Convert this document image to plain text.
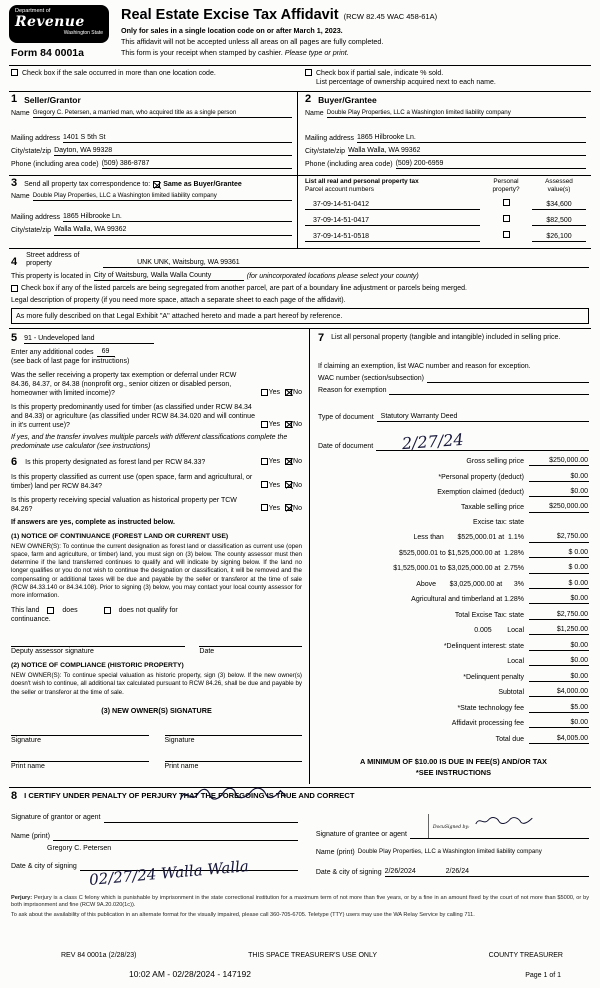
Department of
Revenue
Washington State
Form 84 0001a
Real Estate Excise Tax Affidavit (RCW 82.45 WAC 458-61A)
Only for sales in a single location code on or after March 1, 2023.
This affidavit will not be accepted unless all areas on all pages are fully completed.
This form is your receipt when stamped by cashier. Please type or print.
Check box if the sale occurred in more than one location code.	Check box if partial sale, indicate % sold.
List percentage of ownership acquired next to each name.
1 Seller/Grantor
Name Gregory C. Petersen, a married man, who acquired title as a single person
Mailing address 1401 S 5th St
City/state/zip Dayton, WA 99328
Phone (including area code) (509) 386-8787
2 Buyer/Grantee
Name Double Play Properties, LLC a Washington limited liability company
Mailing address 1865 Hilbrooke Ln.
City/state/zip Walla Walla, WA 99362
Phone (including area code) (509) 200-6959
3 Send all property tax correspondence to: Same as Buyer/Grantee
Name Double Play Properties, LLC a Washington limited liability company
Mailing address 1865 Hilbrooke Ln.
City/state/zip Walla Walla, WA 99362
List all real and personal property tax
Parcel account numbers
Personal
property?
Assessed
value(s)
37-09-14-51-0412	$34,600
37-09-14-51-0417	$82,500
37-09-14-51-0518	$26,100
4
Street address of
property	UNK UNK, Waitsburg, WA 99361
This property is located in City of Waitsburg, Walla Walla County	(for unincorporated locations please select your county)
Check box if any of the listed parcels are being segregated from another parcel, are part of a boundary line adjustment or parcels being merged.
Legal description of property (if you need more space, attach a separate sheet to each page of the affidavit).
As more fully described on that Legal Exhibit "A" attached hereto and made a part hereof by reference.
5 91 - Undeveloped land
Enter any additional codes	69
(see back of last page for instructions)
Was the seller receiving a property tax exemption or deferral under RCW 84.36, 84.37, or 84.38 (nonprofit org., senior citizen or disabled person, homeowner with limited income)?	Yes No
Is this property predominantly used for timber (as classified under RCW 84.34 and 84.33) or agriculture (as classified under RCW 84.34.020 and will continue in it's current use)?	Yes No
If yes, and the transfer involves multiple parcels with different classifications complete the predominate use calculator (see instructions)
6 Is this property designated as forest land per RCW 84.33?	Yes No
Is this property classified as current use (open space, farm and agricultural, or timber) land per RCW 84.34?	Yes No
Is this property receiving special valuation as historical property per TCW 84.26?	Yes No
If answers are yes, complete as instructed below.
(1) NOTICE OF CONTINUANCE (FOREST LAND OR CURRENT USE)
NEW OWNER(S): To continue the current designation as forest land or classification as current use (open space, farm and agriculture, or timber) land, you must sign on (3) below. The county assessor must then determine if the land transferred continues to qualify and will indicate by signing below. If the land no longer qualifies or you do not wish to continue the designation or classification, it will be removed and the compensating or additional taxes will be due and payable by the seller or transferor at the time of sale (RCW 84.33.140 or 84.34.108). Prior to signing (3) below, you may contact your local county assessor for more information.
This land	does	does not qualify for
continuance.
Deputy assessor signature	Date
(2) NOTICE OF COMPLIANCE (HISTORIC PROPERTY)
NEW OWNER(S): To continue special valuation as historic property, sign (3) below. If the new owner(s) doesn't wish to continue, all additional tax calculated pursuant to RCW 84.26, shall be due and payable by the seller or transferor at the time of sale.
(3) NEW OWNER(S) SIGNATURE
Signature	Signature
Print name	Print name
7 List all personal property (tangible and intangible) included in selling price.
If claiming an exemption, list WAC number and reason for exception.
WAC number (section/subsection)
Reason for exemption
Type of document	Statutory Warranty Deed
Date of document 2/27/24
Gross selling price	$250,000.00
*Personal property (deduct)	$0.00
Exemption claimed (deduct)	$0.00
Taxable selling price	$250,000.00
Excise tax: state
Less than       $525,000.01 at  1.1%	$2,750.00
$525,000.01 to $1,525,000.00 at  1.28%	$ 0.00
$1,525,000.01 to $3,025,000.00 at  2.75%	$ 0.00
Above       $3,025,000.00 at      3%	$ 0.00
Agricultural and timberland at 1.28%	$0.00
Total Excise Tax: state	$2,750.00
0.005        Local	$1,250.00
*Delinquent interest: state	$0.00
Local	$0.00
*Delinquent penalty	$0.00
Subtotal	$4,000.00
*State technology fee	$5.00
Affidavit processing fee	$0.00
Total due	$4,005.00
A MINIMUM OF $10.00 IS DUE IN FEE(S) AND/OR TAX
*SEE INSTRUCTIONS
8 I CERTIFY UNDER PENALTY OF PERJURY THAT THE FOREGOING IS TRUE AND CORRECT
Signature of grantor or agent
Name (print)
Gregory C. Petersen
Date & city of signing 02/27/24 Walla Walla
Signature of grantee or agent
DocuSigned by:
Name (print) Double Play Properties, LLC a Washington limited liability company
Date & city of signing 2/26/2024	2/26/24
Perjury: Perjury is a class C felony which is punishable by imprisonment in the state correctional institution for a maximum term of not more than five years, or by a fine in an amount fixed by the court of not more than $5000, or by both imprisonment and fine (RCW 9A.20.020(1c)).
To ask about the availability of this publication in an alternate format for the visually impaired, please call 360-705-6705. Teletype (TTY) users may use the WA Relay Service by calling 711.
REV 84 0001a (2/28/23)	THIS SPACE TREASURER'S USE ONLY	COUNTY TREASURER
10:02 AM - 02/28/2024 - 147192	Page 1 of 1
